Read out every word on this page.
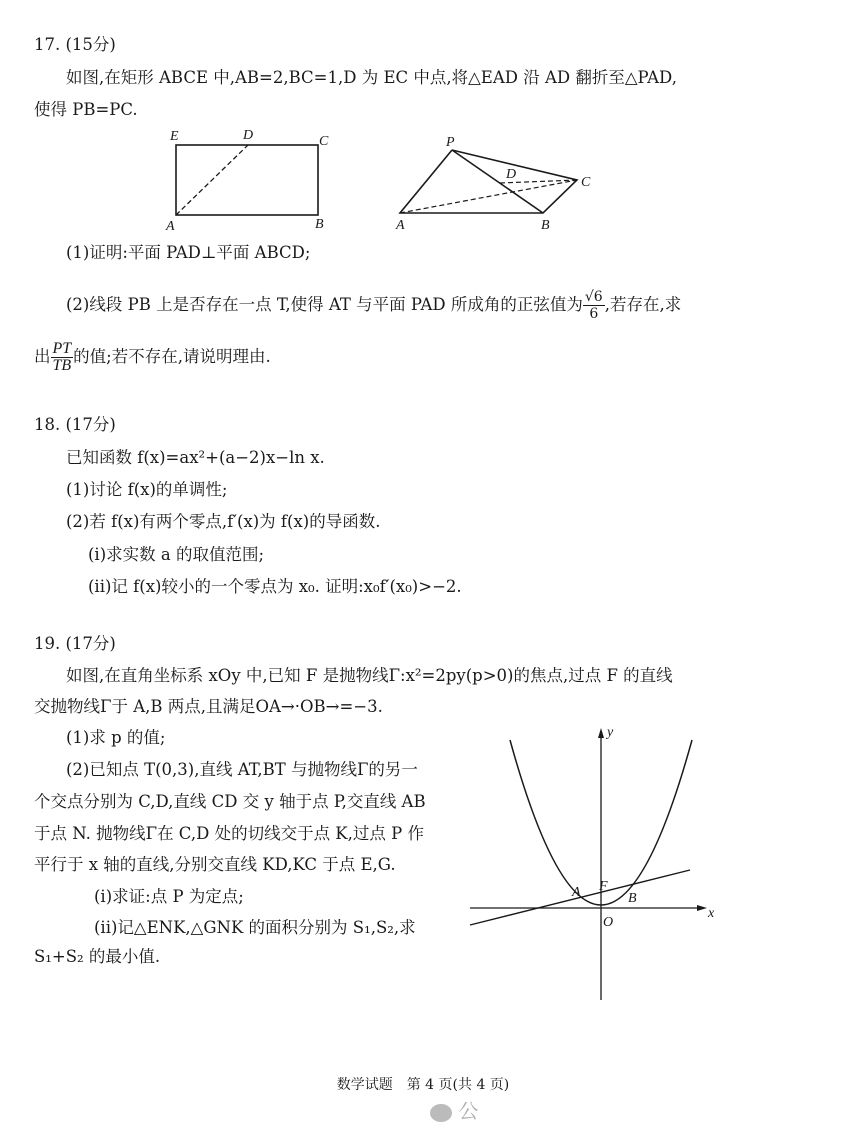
17. (15分)
如图,在矩形 ABCE 中,AB=2,BC=1,D 为 EC 中点,将△EAD 沿 AD 翻折至△PAD,
使得 PB=PC.
E	D	C
A	B
P
D
C
A	B
y
x
O
A	B
F
(1)证明:平面 PAD⊥平面 ABCD;
(2)线段 PB 上是否存在一点 T,使得 AT 与平面 PAD 所成角的正弦值为 $\frac{√6}{6}$ ,若存在,求
出 $\frac{PT}{TB}$ 的值;若不存在,请说明理由.
18. (17分)
已知函数 f(x)=ax²+(a−2)x−ln x.
(1)讨论 f(x)的单调性;
(2)若 f(x)有两个零点,f′(x)为 f(x)的导函数.
(i)求实数 a 的取值范围;
(ii)记 f(x)较小的一个零点为 x₀. 证明:x₀f′(x₀)>−2.
19. (17分)
如图,在直角坐标系 xOy 中,已知 F 是抛物线Γ:x²=2py(p>0)的焦点,过点 F 的直线
交抛物线Γ于 A,B 两点,且满足OA→·OB→=−3.
(1)求 p 的值;
(2)已知点 T(0,3),直线 AT,BT 与抛物线Γ的另一
个交点分别为 C,D,直线 CD 交 y 轴于点 P,交直线 AB
于点 N. 抛物线Γ在 C,D 处的切线交于点 K,过点 P 作
平行于 x 轴的直线,分别交直线 KD,KC 于点 E,G.
(i)求证:点 P 为定点;
(ii)记△ENK,△GNK 的面积分别为 S₁,S₂,求
S₁+S₂ 的最小值.
数学试题　第 4 页(共 4 页)
公
